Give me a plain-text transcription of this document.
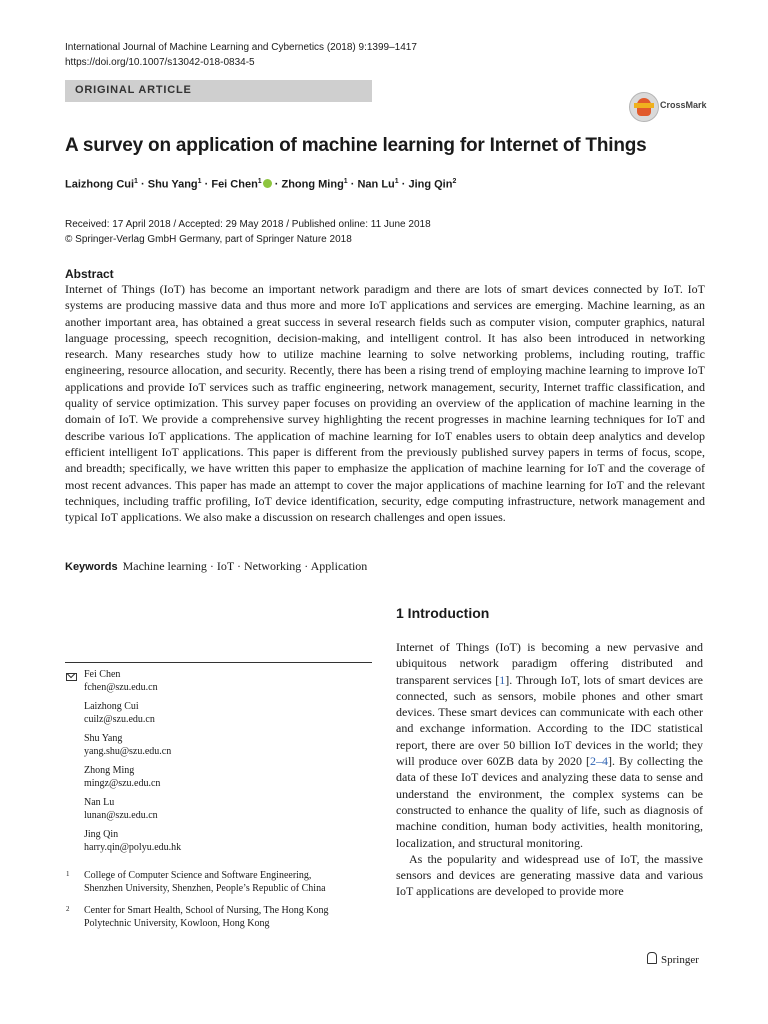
International Journal of Machine Learning and Cybernetics (2018) 9:1399–1417
https://doi.org/10.1007/s13042-018-0834-5
ORIGINAL ARTICLE
CrossMark
A survey on application of machine learning for Internet of Things
Laizhong Cui$^1$ · Shu Yang$^1$ · Fei Chen$^1$ · Zhong Ming$^1$ · Nan $Lu^1$ · Jing Qin$^2$
Received: 17 April 2018 / Accepted: 29 May 2018 / Published online: 11 June 2018
© Springer-Verlag GmbH Germany, part of Springer Nature 2018
Abstract
Internet of Things (IoT) has become an important network paradigm and there are lots of smart devices connected by IoT. IoT systems are producing massive data and thus more and more IoT applications and services are emerging. Machine learning, as an another important area, has obtained a great success in several research fields such as computer vision, computer graphics, natural language processing, speech recognition, decision-making, and intelligent control. It has also been introduced in networking research. Many researches study how to utilize machine learning to solve networking problems, including routing, traffic engineering, resource allocation, and security. Recently, there has been a rising trend of employing machine learning to improve IoT applications and provide IoT services such as traffic engineering, network management, security, Internet traffic classification, and quality of service optimization. This survey paper focuses on providing an overview of the application of machine learning in the domain of IoT. We provide a comprehensive survey highlighting the recent progresses in machine learning techniques for IoT and describe various IoT applications. The application of machine learning for IoT enables users to obtain deep analytics and develop efficient intelligent IoT applications. This paper is different from the previously published survey papers in terms of focus, scope, and breadth; specifically, we have written this paper to emphasize the application of machine learning for IoT and the coverage of most recent advances. This paper has made an attempt to cover the major applications of machine learning for IoT and the relevant techniques, including traffic profiling, IoT device identification, security, edge computing infrastructure, network management and typical IoT applications. We also make a discussion on research challenges and open issues.
Keywords Machine learning · IoT · Networking · Application
1 Introduction

Internet of Things (IoT) is becoming a new pervasive and ubiquitous network paradigm offering distributed and transparent services [1]. Through IoT, lots of smart devices are connected, such as sensors, mobile phones and other smart devices. These smart devices can communicate with each other and exchange information. According to the IDC statistical report, there are over 50 billion IoT devices in the world; they will produce over 60ZB data by 2020 [2–4]. By collecting the data of these IoT devices and analyzing these data to sense and understand the environment, the complex systems can be constructed to enhance the quality of life, such as diagnosis of machine condition, human body activities, health monitoring, localization, and structural monitoring.

As the popularity and widespread use of IoT, the massive sensors and devices are generating massive data and various IoT applications are developed to provide more

Fei Chen
fchen@szu.edu.cn
Laizhong Cui
cuilz@szu.edu.cn
Shu Yang
yang.shu@szu.edu.cn
Zhong Ming
mingz@szu.edu.cn
Nan Lu
lunan@szu.edu.cn
Jing Qin
harry.qin@polyu.edu.hk
1 College of Computer Science and Software Engineering,
Shenzhen University, Shenzhen, People’s Republic of China
2 Center for Smart Health, School of Nursing, The Hong Kong
Polytechnic University, Kowloon, Hong Kong
Springer
